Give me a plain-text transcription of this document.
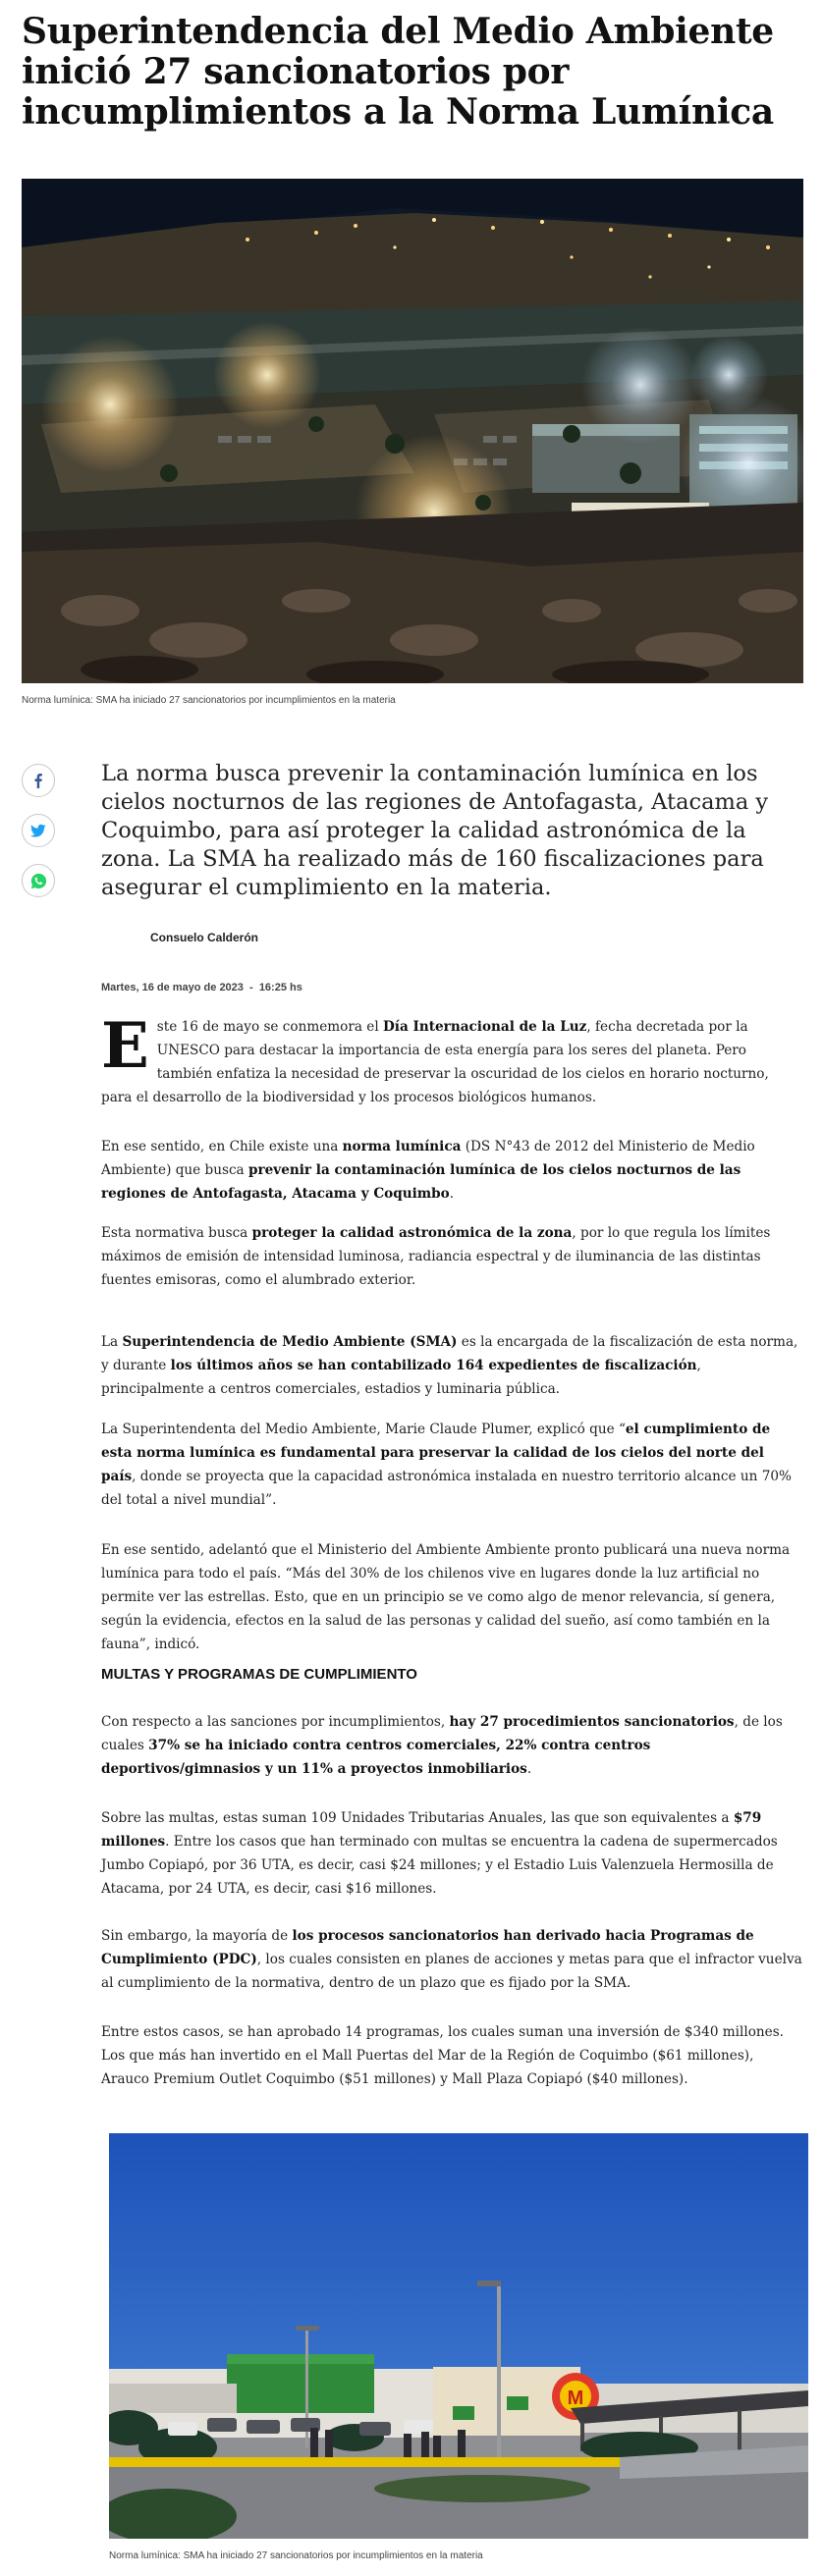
Superintendencia del Medio Ambiente inició 27 sancionatorios por incumplimientos a la Norma Lumínica
Norma lumínica: SMA ha iniciado 27 sancionatorios por incumplimientos en la materia

La norma busca prevenir la contaminación lumínica en los cielos nocturnos de las regiones de Antofagasta, Atacama y Coquimbo, para así proteger la calidad astronómica de la zona. La SMA ha realizado más de 160 fiscalizaciones para asegurar el cumplimiento en la materia.

Consuelo Calderón
Martes, 16 de mayo de 2023  -  16:25 hs

Este 16 de mayo se conmemora el Día Internacional de la Luz, fecha decretada por la UNESCO para destacar la importancia de esta energía para los seres del planeta. Pero también enfatiza la necesidad de preservar la oscuridad de los cielos en horario nocturno, para el desarrollo de la biodiversidad y los procesos biológicos humanos.

En ese sentido, en Chile existe una norma lumínica (DS N°43 de 2012 del Ministerio de Medio Ambiente) que busca prevenir la contaminación lumínica de los cielos nocturnos de las regiones de Antofagasta, Atacama y Coquimbo.

Esta normativa busca proteger la calidad astronómica de la zona, por lo que regula los límites máximos de emisión de intensidad luminosa, radiancia espectral y de iluminancia de las distintas fuentes emisoras, como el alumbrado exterior.

La Superintendencia de Medio Ambiente (SMA) es la encargada de la fiscalización de esta norma, y durante los últimos años se han contabilizado 164 expedientes de fiscalización, principalmente a centros comerciales, estadios y luminaria pública.

La Superintendenta del Medio Ambiente, Marie Claude Plumer, explicó que “el cumplimiento de esta norma lumínica es fundamental para preservar la calidad de los cielos del norte del país, donde se proyecta que la capacidad astronómica instalada en nuestro territorio alcance un 70% del total a nivel mundial”.

En ese sentido, adelantó que el Ministerio del Ambiente Ambiente pronto publicará una nueva norma lumínica para todo el país. “Más del 30% de los chilenos vive en lugares donde la luz artificial no permite ver las estrellas. Esto, que en un principio se ve como algo de menor relevancia, sí genera, según la evidencia, efectos en la salud de las personas y calidad del sueño, así como también en la fauna”, indicó.

MULTAS Y PROGRAMAS DE CUMPLIMIENTO

Con respecto a las sanciones por incumplimientos, hay 27 procedimientos sancionatorios, de los cuales 37% se ha iniciado contra centros comerciales, 22% contra centros deportivos/gimnasios y un 11% a proyectos inmobiliarios.

Sobre las multas, estas suman 109 Unidades Tributarias Anuales, las que son equivalentes a $79 millones. Entre los casos que han terminado con multas se encuentra la cadena de supermercados Jumbo Copiapó, por 36 UTA, es decir, casi $24 millones; y el Estadio Luis Valenzuela Hermosilla de Atacama, por 24 UTA, es decir, casi $16 millones.

Sin embargo, la mayoría de los procesos sancionatorios han derivado hacia Programas de Cumplimiento (PDC), los cuales consisten en planes de acciones y metas para que el infractor vuelva al cumplimiento de la normativa, dentro de un plazo que es fijado por la SMA.

Entre estos casos, se han aprobado 14 programas, los cuales suman una inversión de $340 millones. Los que más han invertido en el Mall Puertas del Mar de la Región de Coquimbo ($61 millones), Arauco Premium Outlet Coquimbo ($51 millones) y Mall Plaza Copiapó ($40 millones).

M
Norma lumínica: SMA ha iniciado 27 sancionatorios por incumplimientos en la materia
